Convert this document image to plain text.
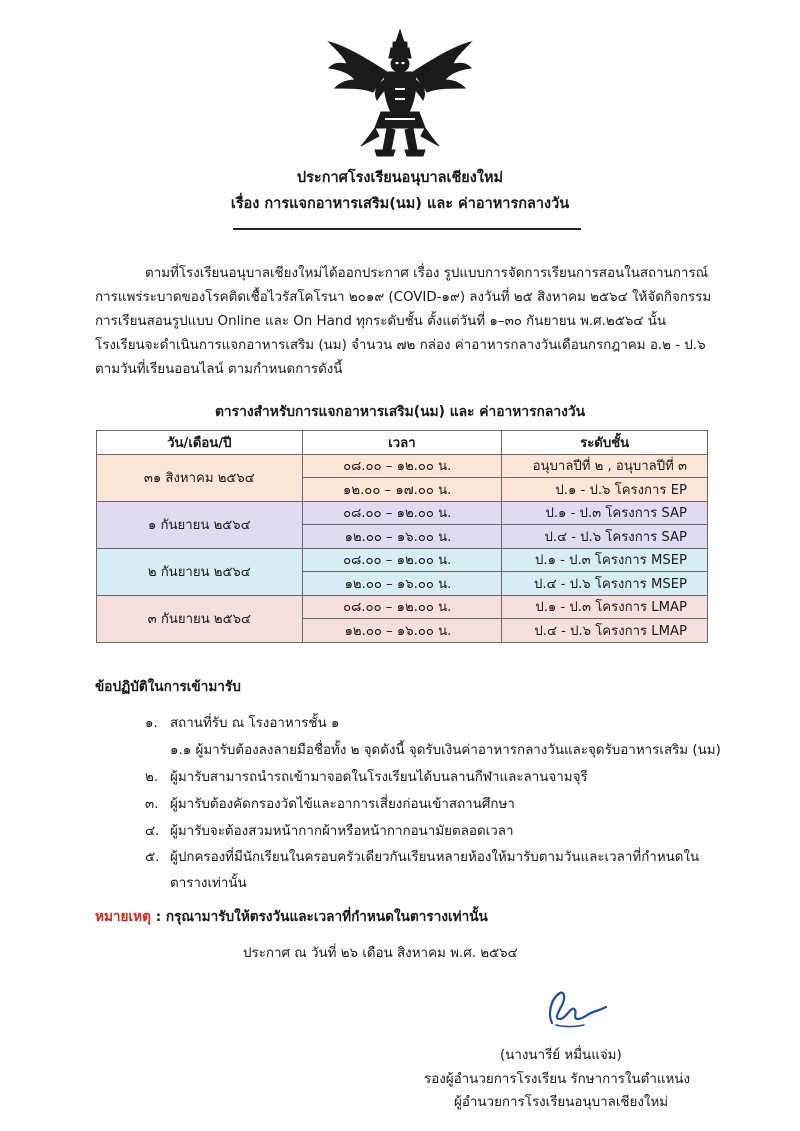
ประกาศโรงเรียนอนุบาลเชียงใหม่
เรื่อง การแจกอาหารเสริม(นม) และ ค่าอาหารกลางวัน
ตามที่โรงเรียนอนุบาลเชียงใหม่ได้ออกประกาศ เรื่อง รูปแบบการจัดการเรียนการสอนในสถานการณ์
การแพร่ระบาดของโรคติดเชื้อไวรัสโคโรนา ๒๐๑๙ (COVID-๑๙) ลงวันที่ ๒๕ สิงหาคม ๒๕๖๔ ให้จัดกิจกรรม
การเรียนสอนรูปแบบ Online และ On Hand ทุกระดับชั้น ตั้งแต่วันที่ ๑–๓๐ กันยายน พ.ศ.๒๕๖๔ นั้น
โรงเรียนจะดำเนินการแจกอาหารเสริม (นม) จำนวน ๗๒ กล่อง ค่าอาหารกลางวันเดือนกรกฎาคม อ.๒ - ป.๖
ตามวันที่เรียนออนไลน์ ตามกำหนดการดังนี้
ตารางสำหรับการแจกอาหารเสริม(นม) และ ค่าอาหารกลางวัน
วัน/เดือน/ปี	เวลา	ระดับชั้น
๓๑ สิงหาคม ๒๕๖๔	๐๘.๐๐ – ๑๒.๐๐ น.	อนุบาลปีที่ ๒ , อนุบาลปีที่ ๓
	๑๒.๐๐ – ๑๗.๐๐ น.	ป.๑ - ป.๖ โครงการ EP
๑ กันยายน ๒๕๖๔	๐๘.๐๐ – ๑๒.๐๐ น.	ป.๑ - ป.๓ โครงการ SAP
	๑๒.๐๐ – ๑๖.๐๐ น.	ป.๔ - ป.๖ โครงการ SAP
๒ กันยายน ๒๕๖๔	๐๘.๐๐ – ๑๒.๐๐ น.	ป.๑ - ป.๓ โครงการ MSEP
	๑๒.๐๐ – ๑๖.๐๐ น.	ป.๔ - ป.๖ โครงการ MSEP
๓ กันยายน ๒๕๖๔	๐๘.๐๐ – ๑๒.๐๐ น.	ป.๑ - ป.๓ โครงการ LMAP
	๑๒.๐๐ – ๑๖.๐๐ น.	ป.๔ - ป.๖ โครงการ LMAP
ข้อปฏิบัติในการเข้ามารับ
๑. สถานที่รับ ณ โรงอาหารชั้น ๑
๑.๑ ผู้มารับต้องลงลายมือชื่อทั้ง ๒ จุดดังนี้ จุดรับเงินค่าอาหารกลางวันและจุดรับอาหารเสริม (นม)
๒. ผู้มารับสามารถนำรถเข้ามาจอดในโรงเรียนได้บนลานกีฬาและลานจามจุรี
๓. ผู้มารับต้องคัดกรองวัดไข้และอาการเสี่ยงก่อนเข้าสถานศึกษา
๔. ผู้มารับจะต้องสวมหน้ากากผ้าหรือหน้ากากอนามัยตลอดเวลา
๕. ผู้ปกครองที่มีนักเรียนในครอบครัวเดียวกันเรียนหลายห้องให้มารับตามวันและเวลาที่กำหนดใน
ตารางเท่านั้น
หมายเหตุ : กรุณามารับให้ตรงวันและเวลาที่กำหนดในตารางเท่านั้น
ประกาศ ณ วันที่ ๒๖ เดือน สิงหาคม พ.ศ. ๒๕๖๔
(นางนารีย์ หมื่นแจ่ม)
รองผู้อำนวยการโรงเรียน รักษาการในตำแหน่ง
ผู้อำนวยการโรงเรียนอนุบาลเชียงใหม่
